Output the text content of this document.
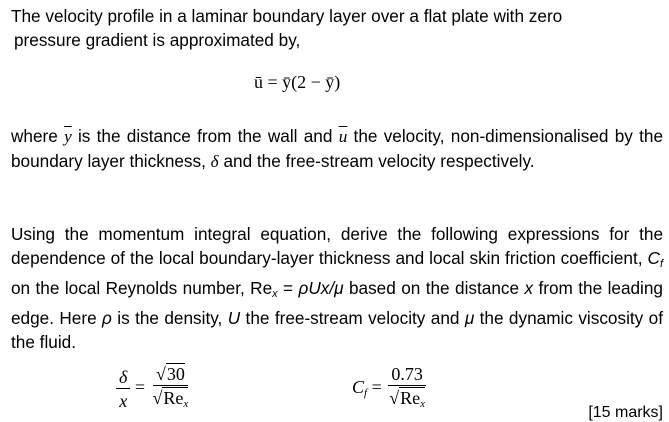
The velocity profile in a laminar boundary layer over a flat plate with zero
pressure gradient is approximated by,
ū = ȳ(2 − ȳ)
where $\overline{y}$ is the distance from the wall and $\overline{u}$ the velocity, non-dimensionalised by the boundary layer thickness, δ and the free-stream velocity respectively.
Using the momentum integral equation, derive the following expressions for the dependence of the local boundary-layer thickness and local skin friction coefficient, $C_f$ on the local Reynolds number, $Re_x = \rho Ux/\mu$ based on the distance x from the leading edge. Here ρ is the density, U the free-stream velocity and μ the dynamic viscosity of the fluid.
$\frac{\delta}{x} = \frac{√30}{√Re_x}$	$C_f = \frac{0.73}{√Re_x}$	[15 marks]
